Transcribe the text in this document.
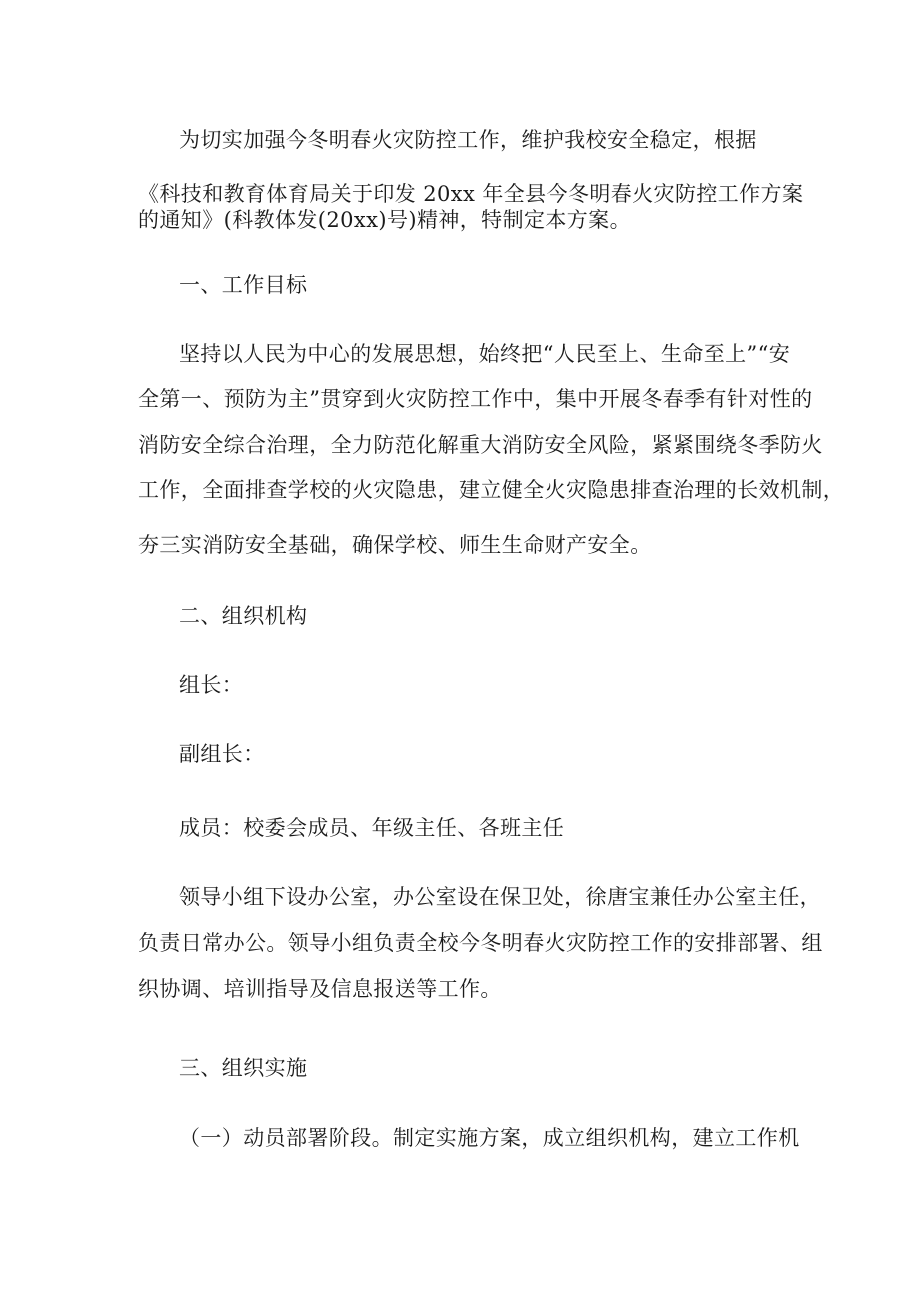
为切实加强今冬明春火灾防控工作，维护我校安全稳定，根据
《科技和教育体育局关于印发 20xx 年全县今冬明春火灾防控工作方案
的通知》(科教体发(20xx)号)精神，特制定本方案。
一、工作目标
坚持以人民为中心的发展思想，始终把“人民至上、生命至上”“安
全第一、预防为主”贯穿到火灾防控工作中，集中开展冬春季有针对性的
消防安全综合治理，全力防范化解重大消防安全风险，紧紧围绕冬季防火
工作，全面排查学校的火灾隐患，建立健全火灾隐患排查治理的长效机制，
夯三实消防安全基础，确保学校、师生生命财产安全。
二、组织机构
组长：
副组长：
成员：校委会成员、年级主任、各班主任
领导小组下设办公室，办公室设在保卫处，徐唐宝兼任办公室主任，
负责日常办公。领导小组负责全校今冬明春火灾防控工作的安排部署、组
织协调、培训指导及信息报送等工作。
三、组织实施
（一）动员部署阶段。制定实施方案，成立组织机构，建立工作机
